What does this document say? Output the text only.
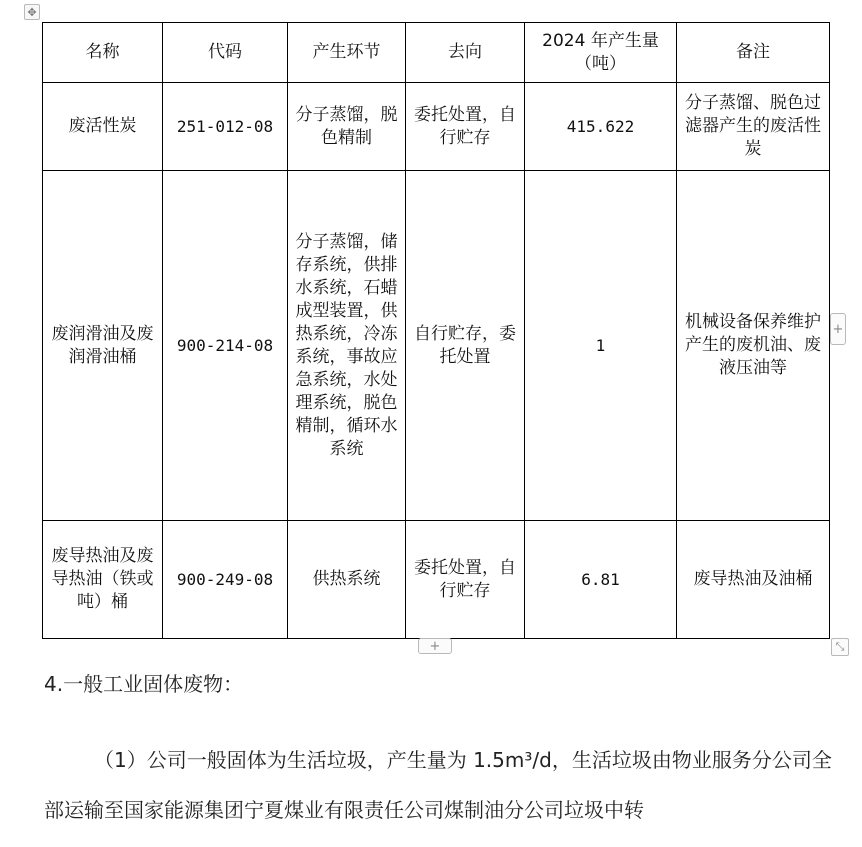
✥
名称	代码	产生环节	去向	2024 年产生量（吨）	备注
废活性炭	251-012-08	分子蒸馏，脱色精制	委托处置，自行贮存	415.622	分子蒸馏、脱色过滤器产生的废活性炭
废润滑油及废润滑油桶	900-214-08	分子蒸馏，储存系统，供排水系统，石蜡成型装置，供热系统，冷冻系统，事故应急系统，水处理系统，脱色精制，循环水系统	自行贮存，委托处置	1	机械设备保养维护产生的废机油、废液压油等
废导热油及废导热油（铁或吨）桶	900-249-08	供热系统	委托处置，自行贮存	6.81	废导热油及油桶
+
+	⤡
4.一般工业固体废物：

（1）公司一般固体为生活垃圾，产生量为 1.5m³/d，生活垃圾由物业服务分公司全部运输至国家能源集团宁夏煤业有限责任公司煤制油分公司垃圾中转
